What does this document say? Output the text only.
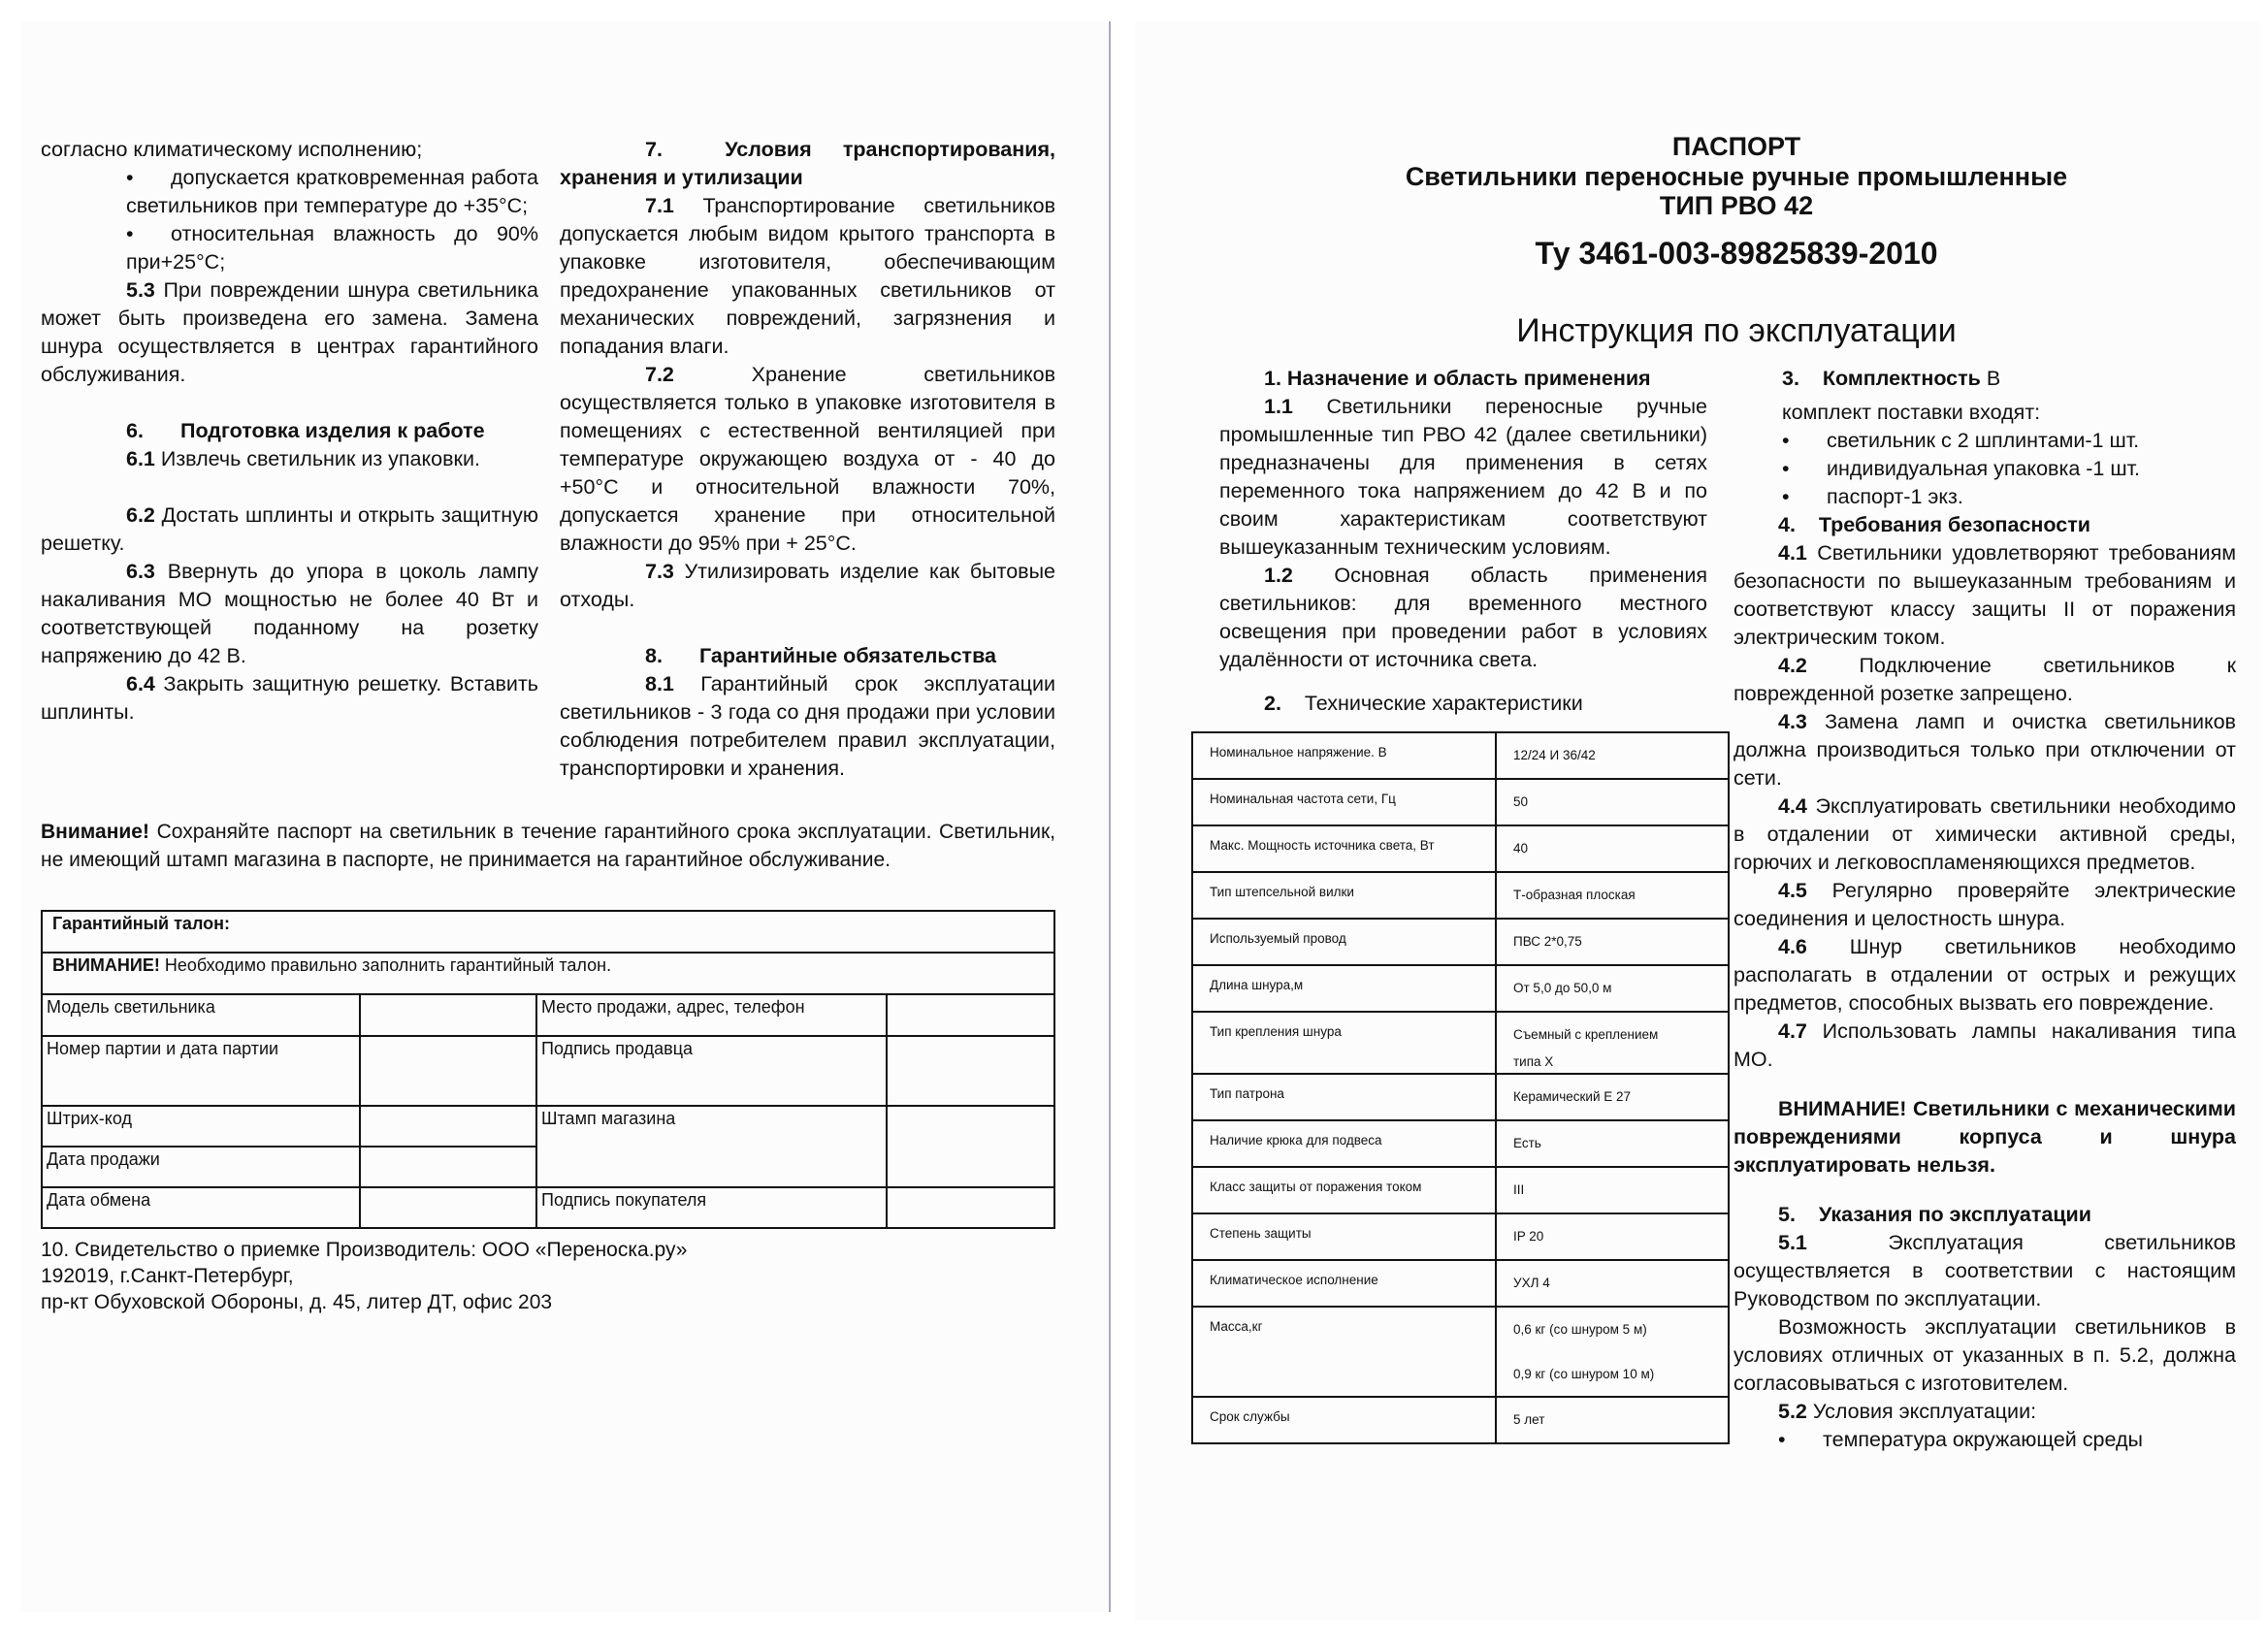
согласно климатическому исполнению;

• допускается кратковременная работа светильников при температуре до +35°С;

• относительная влажность до 90% при+25°С;

5.3 При повреждении шнура светильника может быть произведена его замена. Замена шнура осуществляется в центрах гарантийного обслуживания.

6. Подготовка изделия к работе

6.1 Извлечь светильник из упаковки.

6.2 Достать шплинты и открыть защитную решетку.

6.3 Ввернуть до упора в цоколь лампу накаливания МО мощностью не более 40 Вт и соответствующей поданному на розетку напряжению до 42 В.

6.4 Закрыть защитную решетку. Вставить шплинты.

7.	Условия транспортирования, хранения и утилизации

7.1 Транспортирование светильников допускается любым видом крытого транспорта в упаковке изготовителя, обеспечивающим предохранение упакованных светильников от механических повреждений, загрязнения и попадания влаги.

7.2	Хранение светильников осуществляется только в упаковке изготовителя в помещениях с естественной вентиляцией при температуре окружающею воздуха от - 40 до +50°С и относительной влажности 70%, допускается хранение при относительной влажности до 95% при + 25°С.

7.3 Утилизировать изделие как бытовые отходы.

8. Гарантийные обязательства

8.1 Гарантийный срок эксплуатации светильников - 3 года со дня продажи при условии соблюдения потребителем правил эксплуатации, транспортировки и хранения.

Внимание! Сохраняйте паспорт на светильник в течение гарантийного срока эксплуатации. Светильник, не имеющий штамп магазина в паспорте, не принимается на гарантийное обслуживание.
Гарантийный талон:			
ВНИМАНИЕ! Необходимо правильно заполнить гарантийный талон.			
Модель светильника		Место продажи, адрес, телефон	
Номер партии и дата партии		Подпись продавца	
Штрих-код		Штамп магазина	
Дата продажи			
Дата обмена		Подпись покупателя	
10. Свидетельство о приемке Производитель: ООО «Переноска.ру»
192019, г.Санкт-Петербург,
пр-кт Обуховской Обороны, д. 45, литер ДТ, офис 203
ПАСПОРТ
Светильники переносные ручные промышленные
ТИП РВО 42
Ту 3461-003-89825839-2010
Инструкция по эксплуатации

1. Назначение и область применения

1.1 Светильники переносные ручные промышленные тип РВО 42 (далее светильники) предназначены для применения в сетях переменного тока напряжением до 42 В и по своим характеристикам соответствуют вышеуказанным техническим условиям.

1.2 Основная область применения светильников: для временного местного освещения при проведении работ в условиях удалённости от источника света.

2. Технические характеристики

Номинальное напряжение. В	12/24 И 36/42

Номинальная частота сети, Гц	50

Макс. Мощность источника света, Вт	40

Тип штепсельной вилки	Т-образная плоская

Используемый провод	ПВС 2*0,75

Длина шнура,м	От 5,0 до 50,0 м

Тип крепления шнура	Съемный с креплением
типа Х

Тип патрона	Керамический Е 27

Наличие крюка для подвеса	Есть

Класс защиты от поражения током	III

Степень защиты	IP 20

Климатическое исполнение	УХЛ 4

Масса,кг	0,6 кг (со шнуром 5 м)
0,9 кг (со шнуром 10 м)

Срок службы	5 лет

3. Комплектность В

комплект поставки входят:

• светильник с 2 шплинтами-1 шт.

• индивидуальная упаковка -1 шт.

• паспорт-1 экз.

4. Требования безопасности

4.1 Светильники удовлетворяют требованиям безопасности по вышеуказанным требованиям и соответствуют классу защиты II от поражения электрическим током.

4.2 Подключение светильников к поврежденной розетке запрещено.

4.3 Замена ламп и очистка светильников должна производиться только при отключении от сети.

4.4 Эксплуатировать светильники необходимо в отдалении от химически активной среды, горючих и легковоспламеняющихся предметов.

4.5 Регулярно проверяйте электрические соединения и целостность шнура.

4.6 Шнур светильников необходимо располагать в отдалении от острых и режущих предметов, способных вызвать его повреждение.

4.7 Использовать лампы накаливания типа МО.

ВНИМАНИЕ! Светильники с механическими повреждениями корпуса и шнура эксплуатировать нельзя.

5. Указания по эксплуатации

5.1	Эксплуатация светильников осуществляется в соответствии с настоящим Руководством по эксплуатации.

Возможность эксплуатации светильников в условиях отличных от указанных в п. 5.2, должна согласовываться с изготовителем.

5.2 Условия эксплуатации:

• температура окружающей среды
